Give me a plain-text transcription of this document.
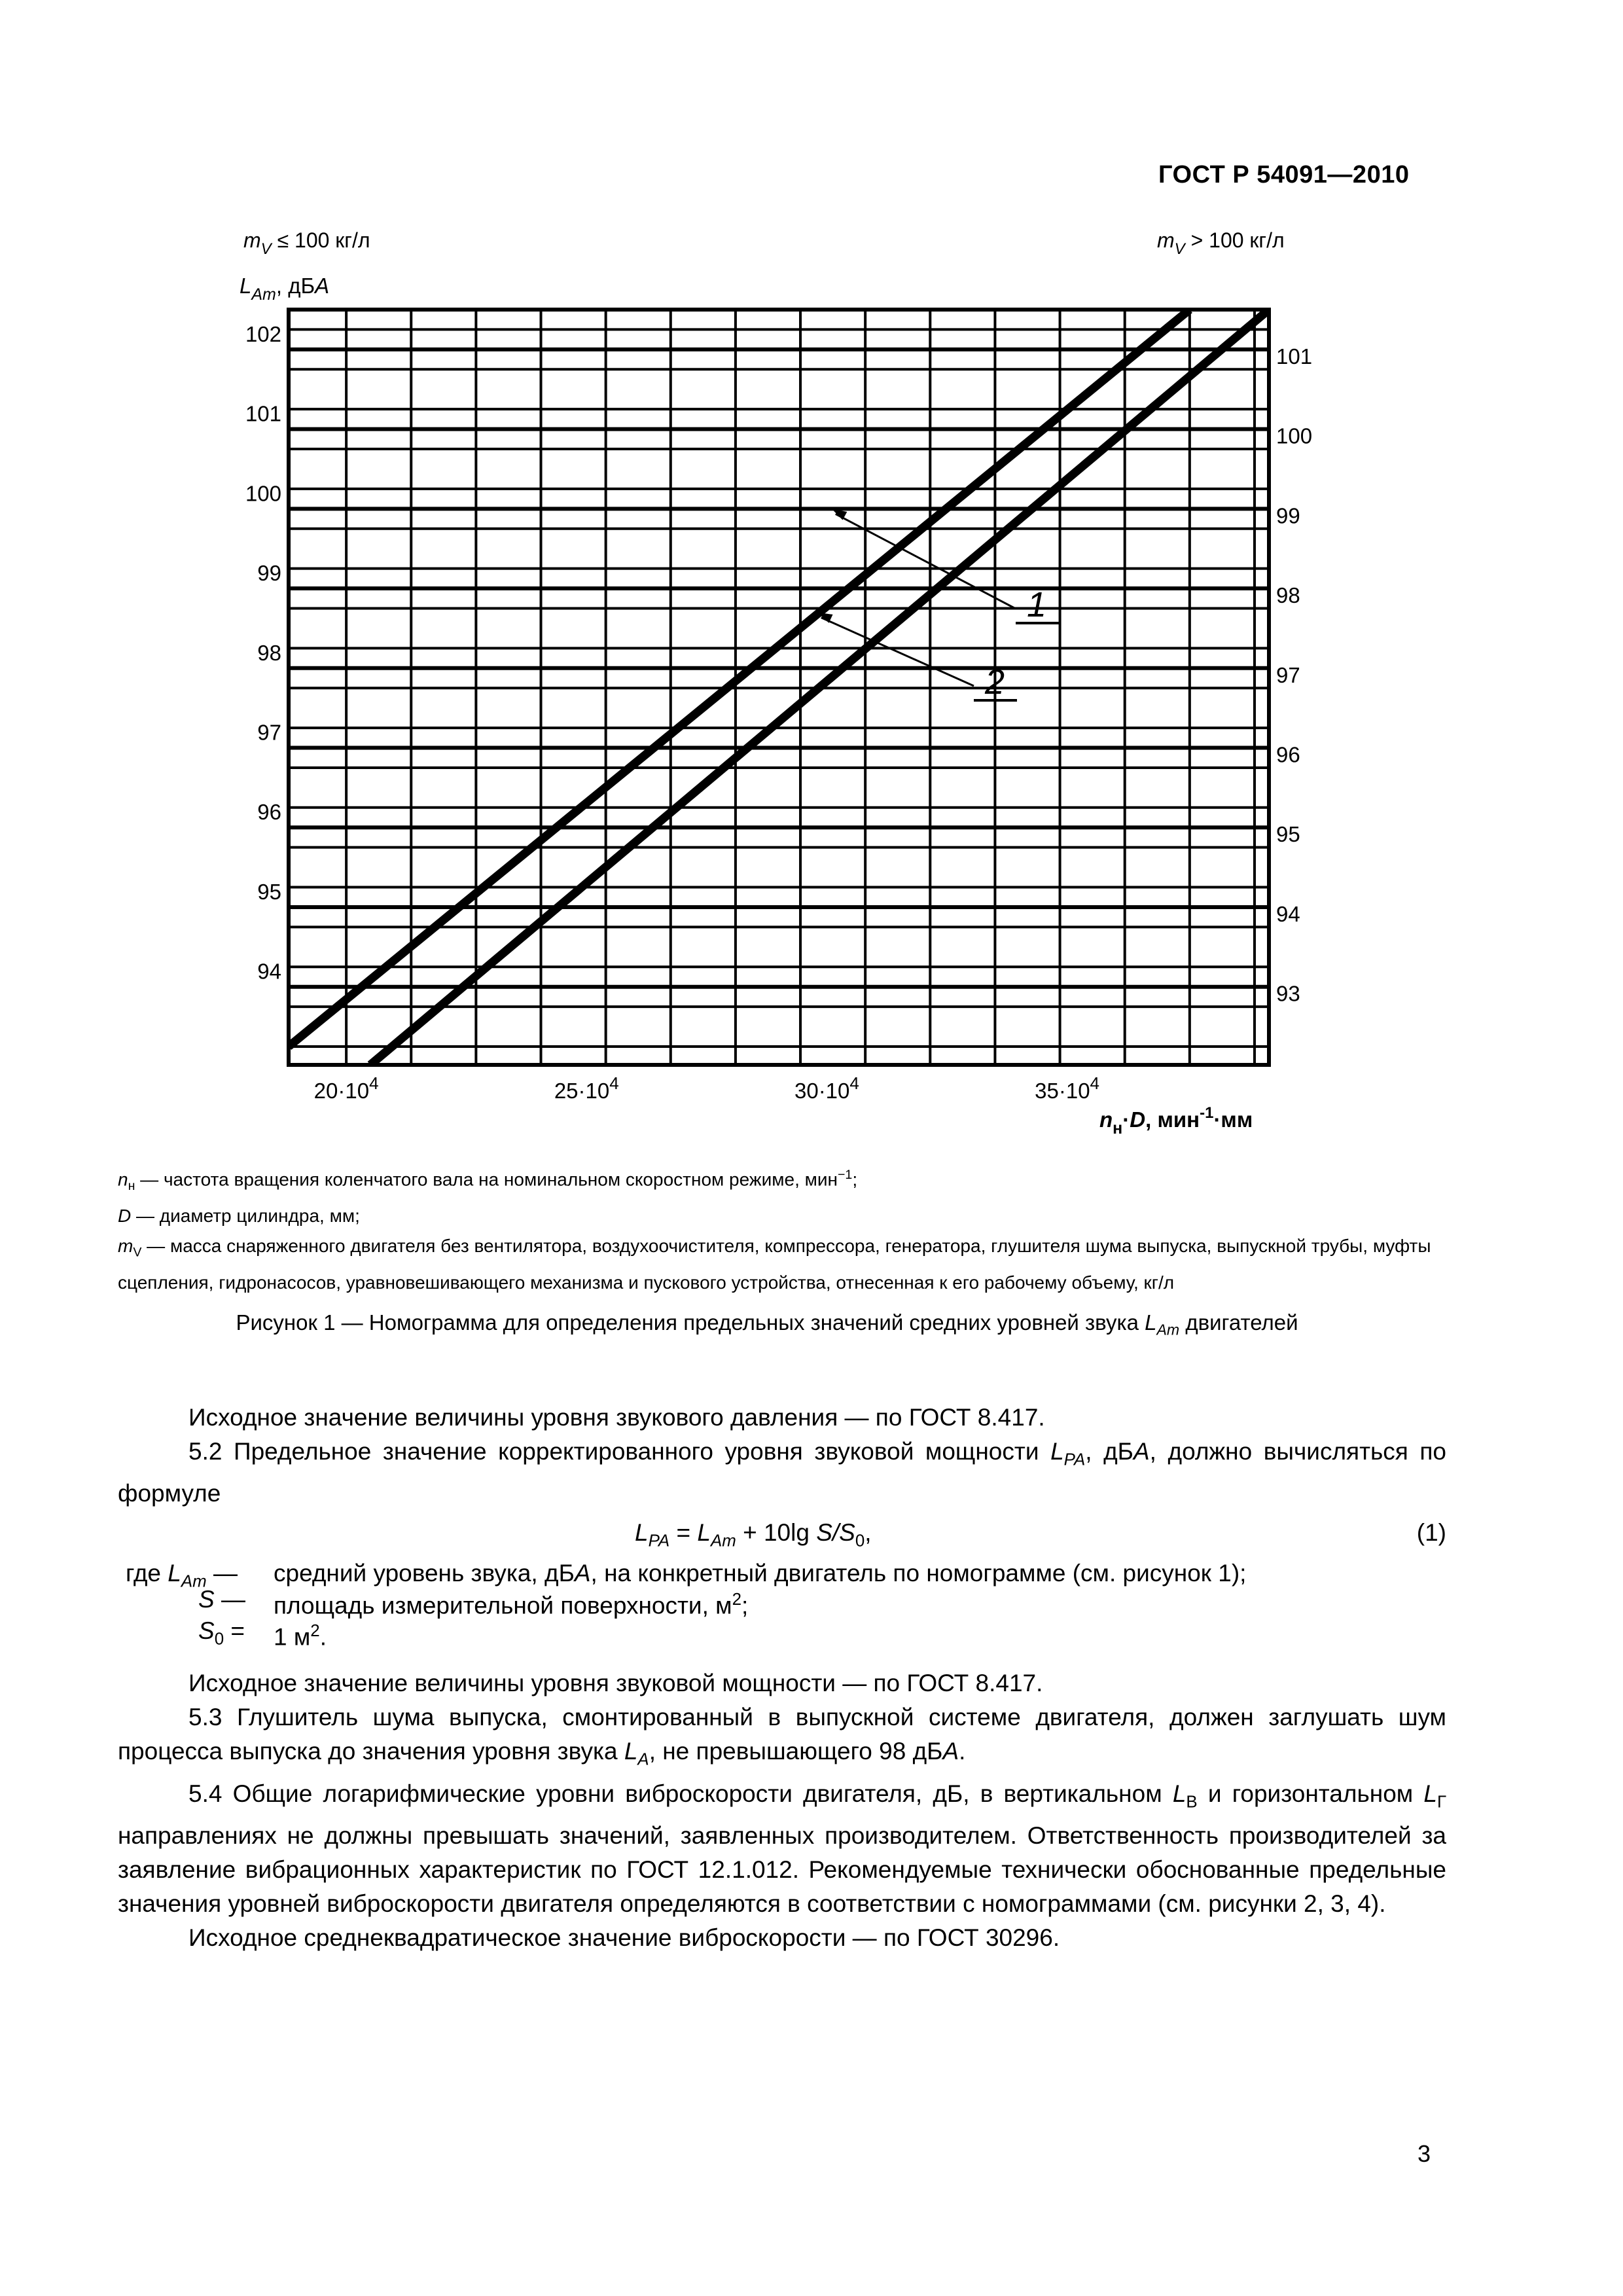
ГОСТ Р 54091—2010
1
2
102
101
101
100
100
99
99
98
98
97
97
96
96
95
95
94
94
93
$20\cdot 10^4$	$25\cdot 10^4$	$30\cdot 10^4$	$35\cdot 10^4$
$m_V \le 100$ кг/л	$m_V > 100$ кг/л
$L_{Am}$, дБA
$n_н\cdot D$, мин$^{-1}$·мм

$n_н$ — частота вращения коленчатого вала на номинальном скоростном режиме, мин$^{-1}$;

D — диаметр цилиндра, мм;

$m_V$ — масса снаряженного двигателя без вентилятора, воздухоочистителя, компрессора, генератора, глушителя шума выпуска, выпускной трубы, муфты сцепления, гидронасосов, уравновешивающего механизма и пускового устройства, отнесенная к его рабочему объему, кг/л

Рисунок 1 — Номограмма для определения предельных значений средних уровней звука $L_{Am}$ двигателей

Исходное значение величины уровня звукового давления — по ГОСТ 8.417.

5.2 Предельное значение корректированного уровня звуковой мощности $L_{PA}$, дБA, должно вычисляться по формуле

$L_{PA} = L_{Am} + 10\lg$ $S/S_0$,	(1)
где $L_{Am}$ — средний уровень звука, дБA, на конкретный двигатель по номограмме (см. рисунок 1);
S — площадь измерительной поверхности, $м^2$;
$S_0 = 1$ $м^2$.

Исходное значение величины уровня звуковой мощности — по ГОСТ 8.417.

5.3 Глушитель шума выпуска, смонтированный в выпускной системе двигателя, должен заглушать шум процесса выпуска до значения уровня звука $L_A$, не превышающего 98 дБA.

5.4 Общие логарифмические уровни виброскорости двигателя, дБ, в вертикальном $L_В$ и горизонтальном $L_Г$ направлениях не должны превышать значений, заявленных производителем. Ответственность производителей за заявление вибрационных характеристик по ГОСТ 12.1.012. Рекомендуемые технически обоснованные предельные значения уровней виброскорости двигателя определяются в соответствии с номограммами (см. рисунки 2, 3, 4).

Исходное среднеквадратическое значение виброскорости — по ГОСТ 30296.

3
